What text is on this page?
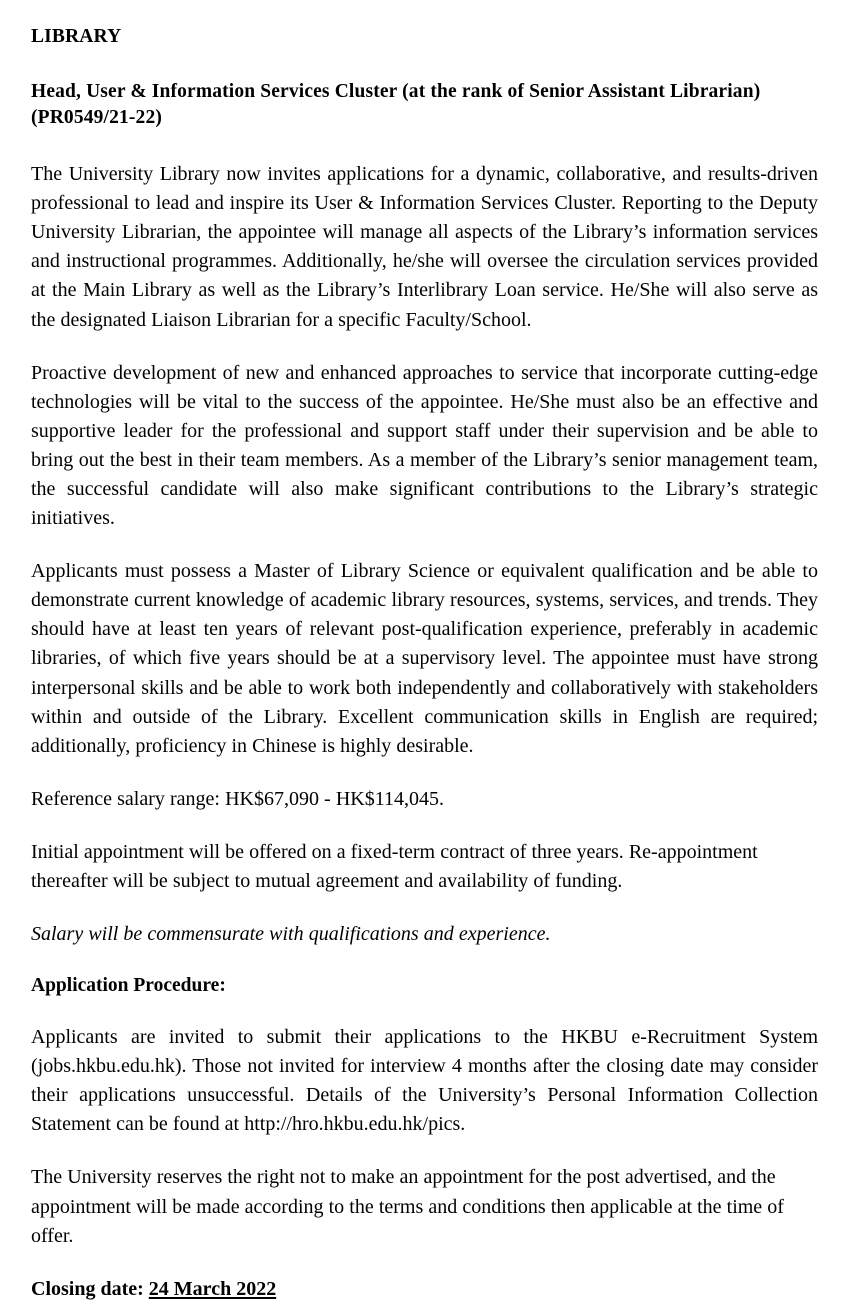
LIBRARY
Head, User & Information Services Cluster (at the rank of Senior Assistant Librarian)
(PR0549/21-22)

The University Library now invites applications for a dynamic, collaborative, and results-driven professional to lead and inspire its User & Information Services Cluster. Reporting to the Deputy University Librarian, the appointee will manage all aspects of the Library’s information services and instructional programmes. Additionally, he/she will oversee the circulation services provided at the Main Library as well as the Library’s Interlibrary Loan service. He/She will also serve as the designated Liaison Librarian for a specific Faculty/School.

Proactive development of new and enhanced approaches to service that incorporate cutting-edge technologies will be vital to the success of the appointee. He/She must also be an effective and supportive leader for the professional and support staff under their supervision and be able to bring out the best in their team members. As a member of the Library’s senior management team, the successful candidate will also make significant contributions to the Library’s strategic initiatives.

Applicants must possess a Master of Library Science or equivalent qualification and be able to demonstrate current knowledge of academic library resources, systems, services, and trends. They should have at least ten years of relevant post-qualification experience, preferably in academic libraries, of which five years should be at a supervisory level. The appointee must have strong interpersonal skills and be able to work both independently and collaboratively with stakeholders within and outside of the Library. Excellent communication skills in English are required; additionally, proficiency in Chinese is highly desirable.

Reference salary range: HK$67,090 - HK$114,045.

Initial appointment will be offered on a fixed-term contract of three years. Re-appointment thereafter will be subject to mutual agreement and availability of funding.

Salary will be commensurate with qualifications and experience.

Application Procedure:

Applicants are invited to submit their applications to the HKBU e-Recruitment System (jobs.hkbu.edu.hk). Those not invited for interview 4 months after the closing date may consider their applications unsuccessful. Details of the University’s Personal Information Collection Statement can be found at http://hro.hkbu.edu.hk/pics.

The University reserves the right not to make an appointment for the post advertised, and the appointment will be made according to the terms and conditions then applicable at the time of offer.

Closing date: 24 March 2022
